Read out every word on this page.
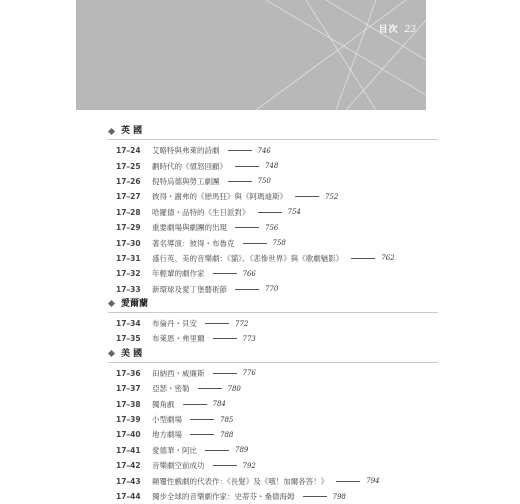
目次 23
英 國
17–24	艾略特與弗萊的詩劇	746
17–25	劃時代的《憤怒回顧》	748
17–26	倪特烏德與勞工劇團	750
17–27	彼得・謝弗的《戀馬狂》與《阿瑪迪斯》	752
17–28	哈羅德・品特的《生日派對》	754
17–29	重要劇場與劇團的出現	756
17–30	著名導演：彼得・布魯克	758
17–31	盛行英、美的音樂劇：《貓》、《悲慘世界》與《歌劇魅影》	762
17–32	年輕輩的劇作家	766
17–33	新環球及愛丁堡藝術節	770
愛爾蘭
17–34	布倫丹・貝安	772
17–35	布萊恩・弗里爾	773
美 國
17–36	田納西・威廉斯	776
17–37	亞瑟・密勒	780
17–38	獨角戲	784
17–39	小型劇場	785
17–40	地方劇場	788
17–41	愛德華・阿比	789
17–42	音樂劇空前成功	792
17–43	顛覆性戲劇的代表作：《長髮》及《哦！加爾各答！》	794
17–44	獨步全球的音樂劇作家：史蒂芬・桑德海姆	798
